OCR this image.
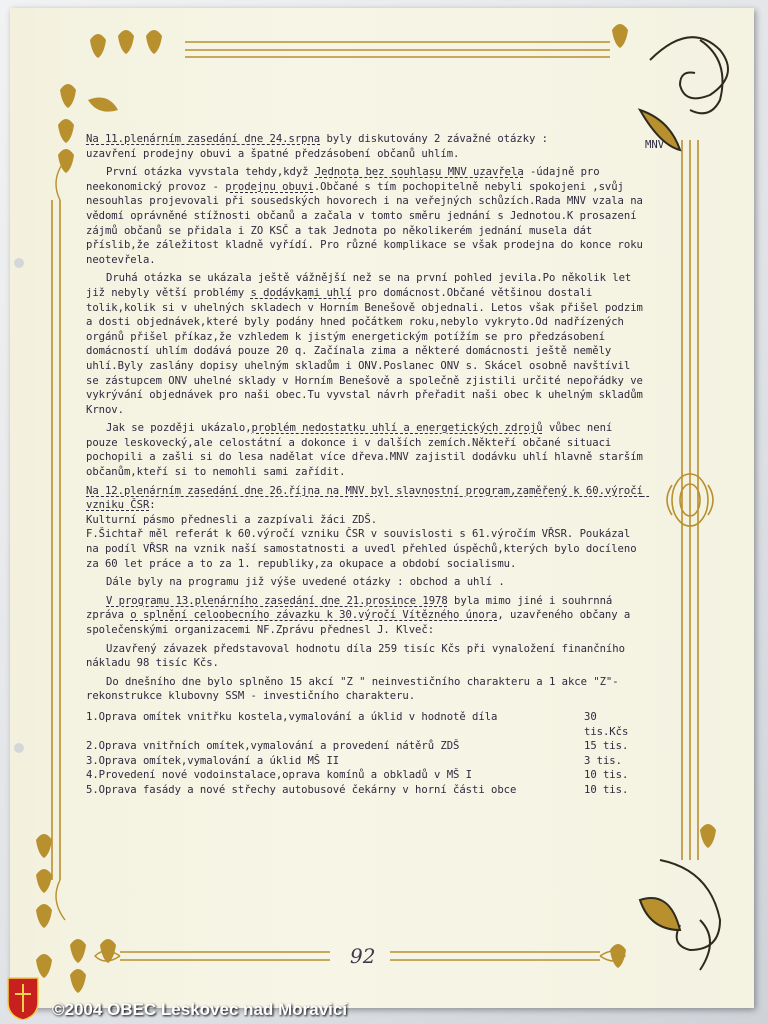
MNV

Na 11.plenárním zasedání dne 24.srpna byly diskutovány 2 závažné otázky :
uzavření prodejny obuvi a špatné předzásobení občanů uhlím.

První otázka vyvstala tehdy,když Jednota bez souhlasu MNV uzavřela -údajně pro neekonomický provoz - prodejnu obuvi.Občané s tím pochopitelně nebyli spokojeni ,svůj nesouhlas projevovali při sousedských hovorech i na veřejných schůzích.Rada MNV vzala na vědomí oprávněné stížnosti občanů a začala v tomto směru jednání s Jednotou.K prosazení zájmů občanů se přidala i ZO KSČ a tak Jednota po několikerém jednání musela dát příslib,že záležitost kladně vyřídí. Pro různé komplikace se však prodejna do konce roku neotevřela.

Druhá otázka se ukázala ještě vážnější než se na první pohled jevila.Po několik let již nebyly větší problémy s dodávkami uhlí pro domácnost.Občané většinou dostali tolik,kolik si v uhelných skladech v Horním Benešově objednali. Letos však přišel podzim a dosti objednávek,které byly podány hned počátkem roku,nebylo vykryto.Od nadřízených orgánů přišel příkaz,že vzhledem k jistým energetickým potížím se pro předzásobení domácností uhlím dodává pouze 20 q. Začínala zima a některé domácnosti ještě neměly uhlí.Byly zaslány dopisy uhelným skladům i ONV.Poslanec ONV s. Skácel osobně navštívil se zástupcem ONV uhelné sklady v Horním Benešově a společně zjistili určité nepořádky ve vykrývání objednávek pro naši obec.Tu vyvstal návrh přeřadit naši obec k uhelným skladům Krnov.

Jak se později ukázalo,problém nedostatku uhlí a energetických zdrojů vůbec není pouze leskovecký,ale celostátní a dokonce i v dalších zemích.Někteří občané situaci pochopili a zašli si do lesa nadělat více dřeva.MNV zajistil dodávku uhlí hlavně starším občanům,kteří si to nemohli sami zařídit.

Na 12.plenárním zasedání dne 26.října na MNV byl slavnostní program,zaměřený k 60.výročí vzniku ČSR:
Kulturní pásmo přednesli a zazpívali žáci ZDŠ.
F.Šichtař měl referát k 60.výročí vzniku ČSR v souvislosti s 61.výročím VŘSR. Poukázal na podíl VŘSR na vznik naší samostatnosti a uvedl přehled úspěchů,kterých bylo docíleno za 60 let práce a to za 1. republiky,za okupace a období socialismu.

Dále byly na programu již výše uvedené otázky : obchod a uhlí .

V programu 13.plenárního zasedání dne 21.prosince 1978 byla mimo jiné i souhrnná zpráva o splnění celoobecního závazku k 30.výročí Vítězného února, uzavřeného občany a společenskými organizacemi NF.Zprávu přednesl J. Klveč:

Uzavřený závazek představoval hodnotu díla 259 tisíc Kčs při vynaložení finančního nákladu 98 tisíc Kčs.

Do dnešního dne bylo splněno 15 akcí "Z " neinvestičního charakteru a 1 akce "Z"-rekonstrukce klubovny SSM - investičního charakteru.

1.Oprava omítek vnitřku kostela,vymalování a úklid v hodnotě díla	30 tis.Kčs
2.Oprava vnitřních omítek,vymalování a provedení nátěrů ZDŠ	15 tis.
3.Oprava omítek,vymalování a úklid MŠ II	3 tis.
4.Provedení nové vodoinstalace,oprava komínů a obkladů v MŠ I	10 tis.
5.Oprava fasády a nové střechy autobusové čekárny v horní části obce	10 tis.
92
©2004 OBEC Leskovec nad Moravicí
